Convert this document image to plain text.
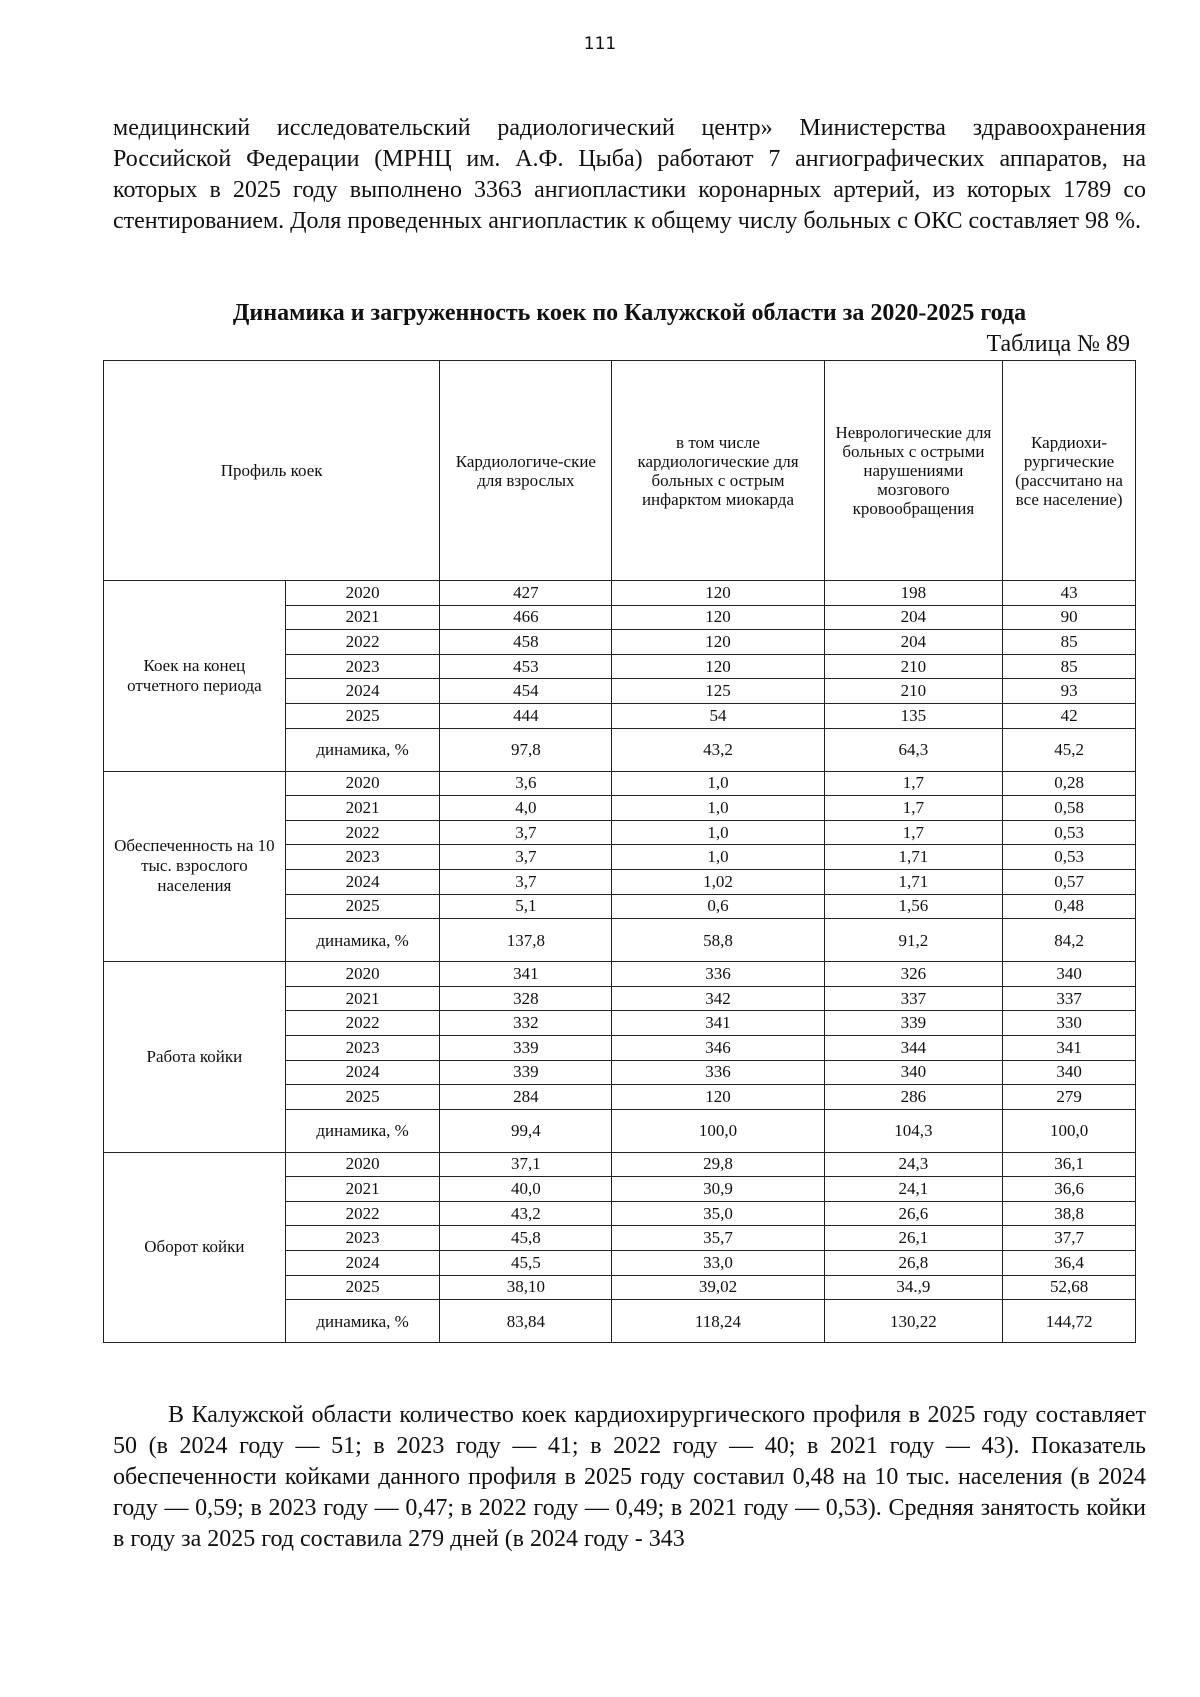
111

медицинский исследовательский радиологический центр» Министерства здравоохранения Российской Федерации (МРНЦ им. А.Ф. Цыба) работают 7 ангиографических аппаратов, на которых в 2025 году выполнено 3363 ангиопластики коронарных артерий, из которых 1789 со стентированием. Доля проведенных ангиопластик к общему числу больных с ОКС составляет 98 %.

Динамика и загруженность коек по Калужской области за 2020-2025 года

Таблица № 89
Профиль коек		Кардиологиче-ские для взрослых	в том числе кардиологические для больных с острым инфарктом миокарда	Неврологические для больных с острыми нарушениями мозгового кровообращения	Кардиохи-рургические (рассчитано на все население)
Коек на конец отчетного периода	2020	427	120	198	43
	2021	466	120	204	90
	2022	458	120	204	85
	2023	453	120	210	85
	2024	454	125	210	93
	2025	444	54	135	42
	динамика, %	97,8	43,2	64,3	45,2
Обеспеченность на 10 тыс. взрослого населения	2020	3,6	1,0	1,7	0,28
	2021	4,0	1,0	1,7	0,58
	2022	3,7	1,0	1,7	0,53
	2023	3,7	1,0	1,71	0,53
	2024	3,7	1,02	1,71	0,57
	2025	5,1	0,6	1,56	0,48
	динамика, %	137,8	58,8	91,2	84,2
Работа койки	2020	341	336	326	340
	2021	328	342	337	337
	2022	332	341	339	330
	2023	339	346	344	341
	2024	339	336	340	340
	2025	284	120	286	279
	динамика, %	99,4	100,0	104,3	100,0
Оборот койки	2020	37,1	29,8	24,3	36,1
	2021	40,0	30,9	24,1	36,6
	2022	43,2	35,0	26,6	38,8
	2023	45,8	35,7	26,1	37,7
	2024	45,5	33,0	26,8	36,4
	2025	38,10	39,02	34.,9	52,68
	динамика, %	83,84	118,24	130,22	144,72

В Калужской области количество коек кардиохирургического профиля в 2025 году составляет 50 (в 2024 году — 51; в 2023 году — 41; в 2022 году — 40; в 2021 году — 43). Показатель обеспеченности койками данного профиля в 2025 году составил 0,48 на 10 тыс. населения (в 2024 году — 0,59; в 2023 году — 0,47; в 2022 году — 0,49; в 2021 году — 0,53). Средняя занятость койки в году за 2025 год составила 279 дней (в 2024 году - 343
